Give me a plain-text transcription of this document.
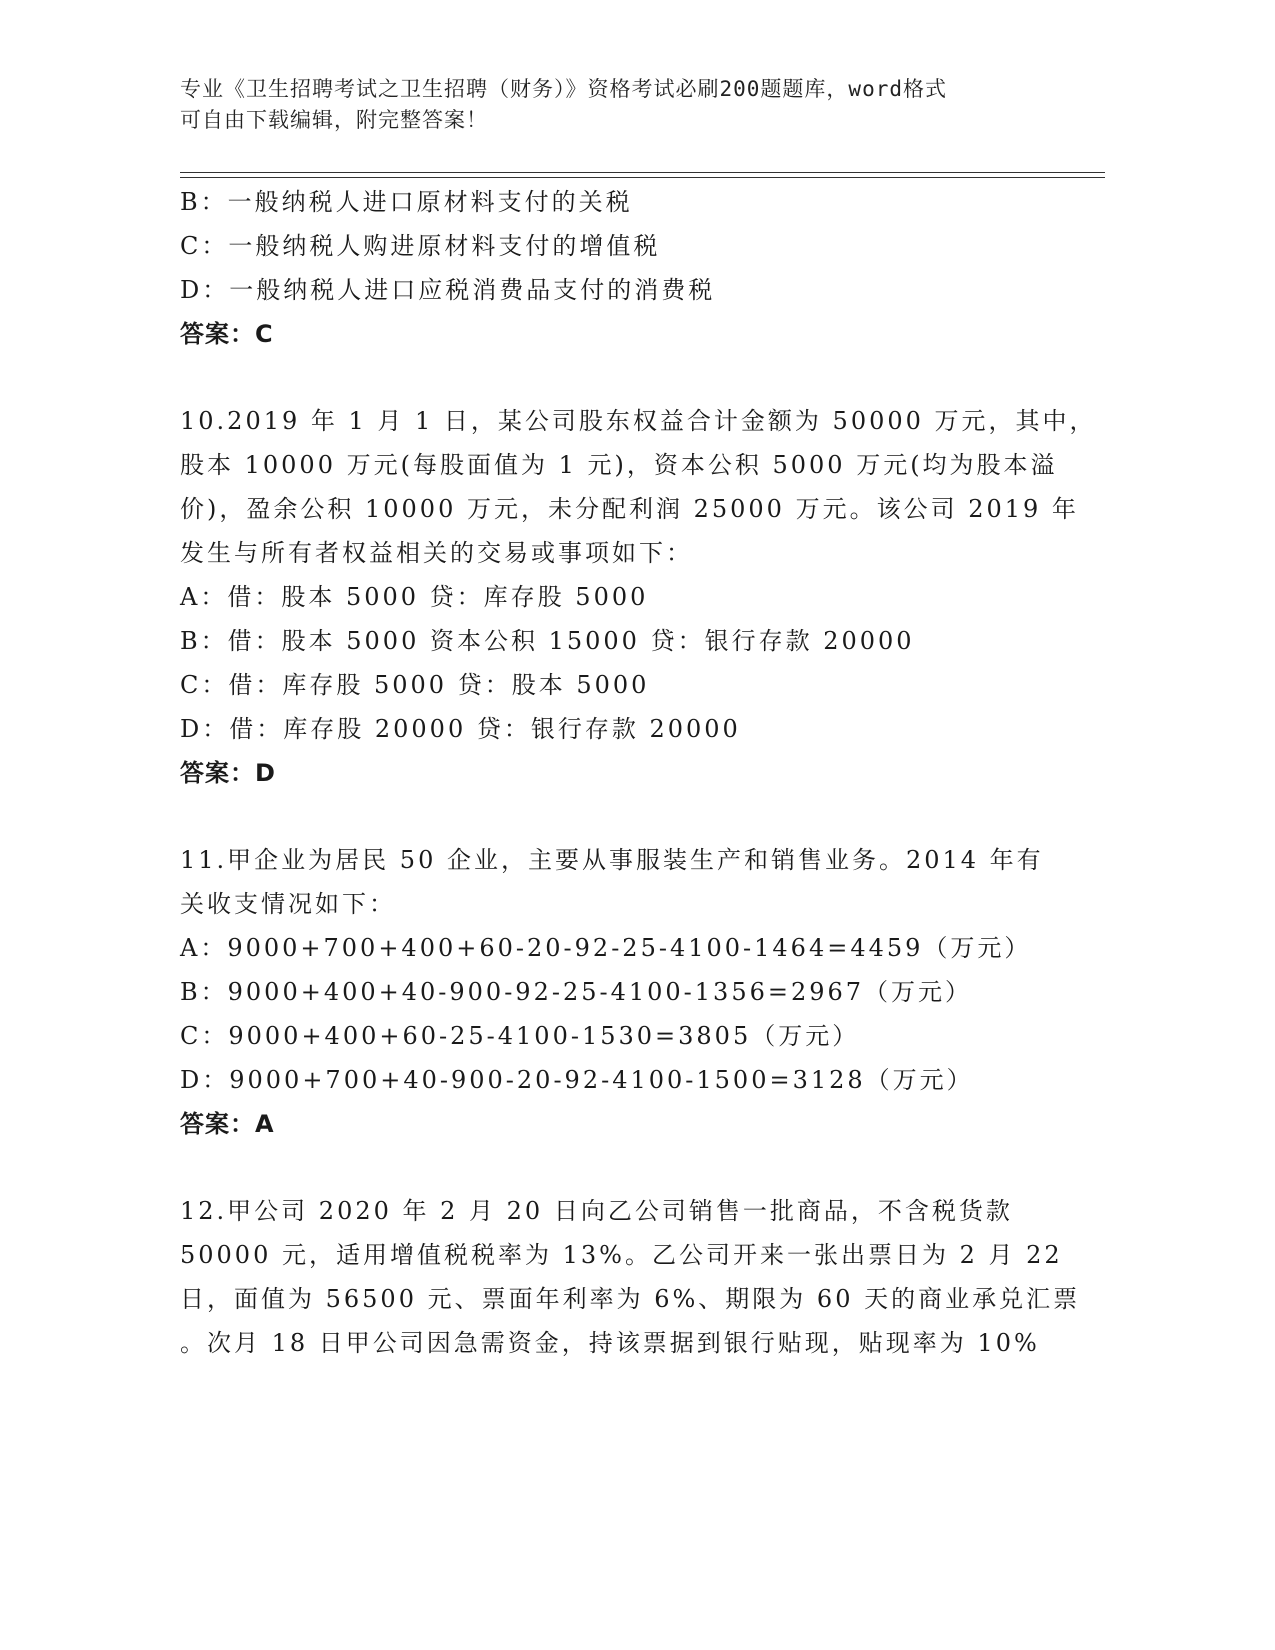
专业《卫生招聘考试之卫生招聘（财务）》资格考试必刷200题题库，word格式
可自由下载编辑，附完整答案！
B：一般纳税人进口原材料支付的关税
C：一般纳税人购进原材料支付的增值税
D：一般纳税人进口应税消费品支付的消费税
答案：C
10.2019 年 1 月 1 日，某公司股东权益合计金额为 50000 万元，其中，
股本 10000 万元(每股面值为 1 元)，资本公积 5000 万元(均为股本溢
价)，盈余公积 10000 万元，未分配利润 25000 万元。该公司 2019 年
发生与所有者权益相关的交易或事项如下：
A：借：股本 5000 贷：库存股 5000
B：借：股本 5000 资本公积 15000 贷：银行存款 20000
C：借：库存股 5000 贷：股本 5000
D：借：库存股 20000 贷：银行存款 20000
答案：D
11.甲企业为居民 50 企业，主要从事服装生产和销售业务。2014 年有
关收支情况如下：
A：9000+700+400+60-20-92-25-4100-1464=4459（万元）
B：9000+400+40-900-92-25-4100-1356=2967（万元）
C：9000+400+60-25-4100-1530=3805（万元）
D：9000+700+40-900-20-92-4100-1500=3128（万元）
答案：A
12.甲公司 2020 年 2 月 20 日向乙公司销售一批商品，不含税货款
50000 元，适用增值税税率为 13%。乙公司开来一张出票日为 2 月 22
日，面值为 56500 元、票面年利率为 6%、期限为 60 天的商业承兑汇票
。次月 18 日甲公司因急需资金，持该票据到银行贴现，贴现率为 10%
